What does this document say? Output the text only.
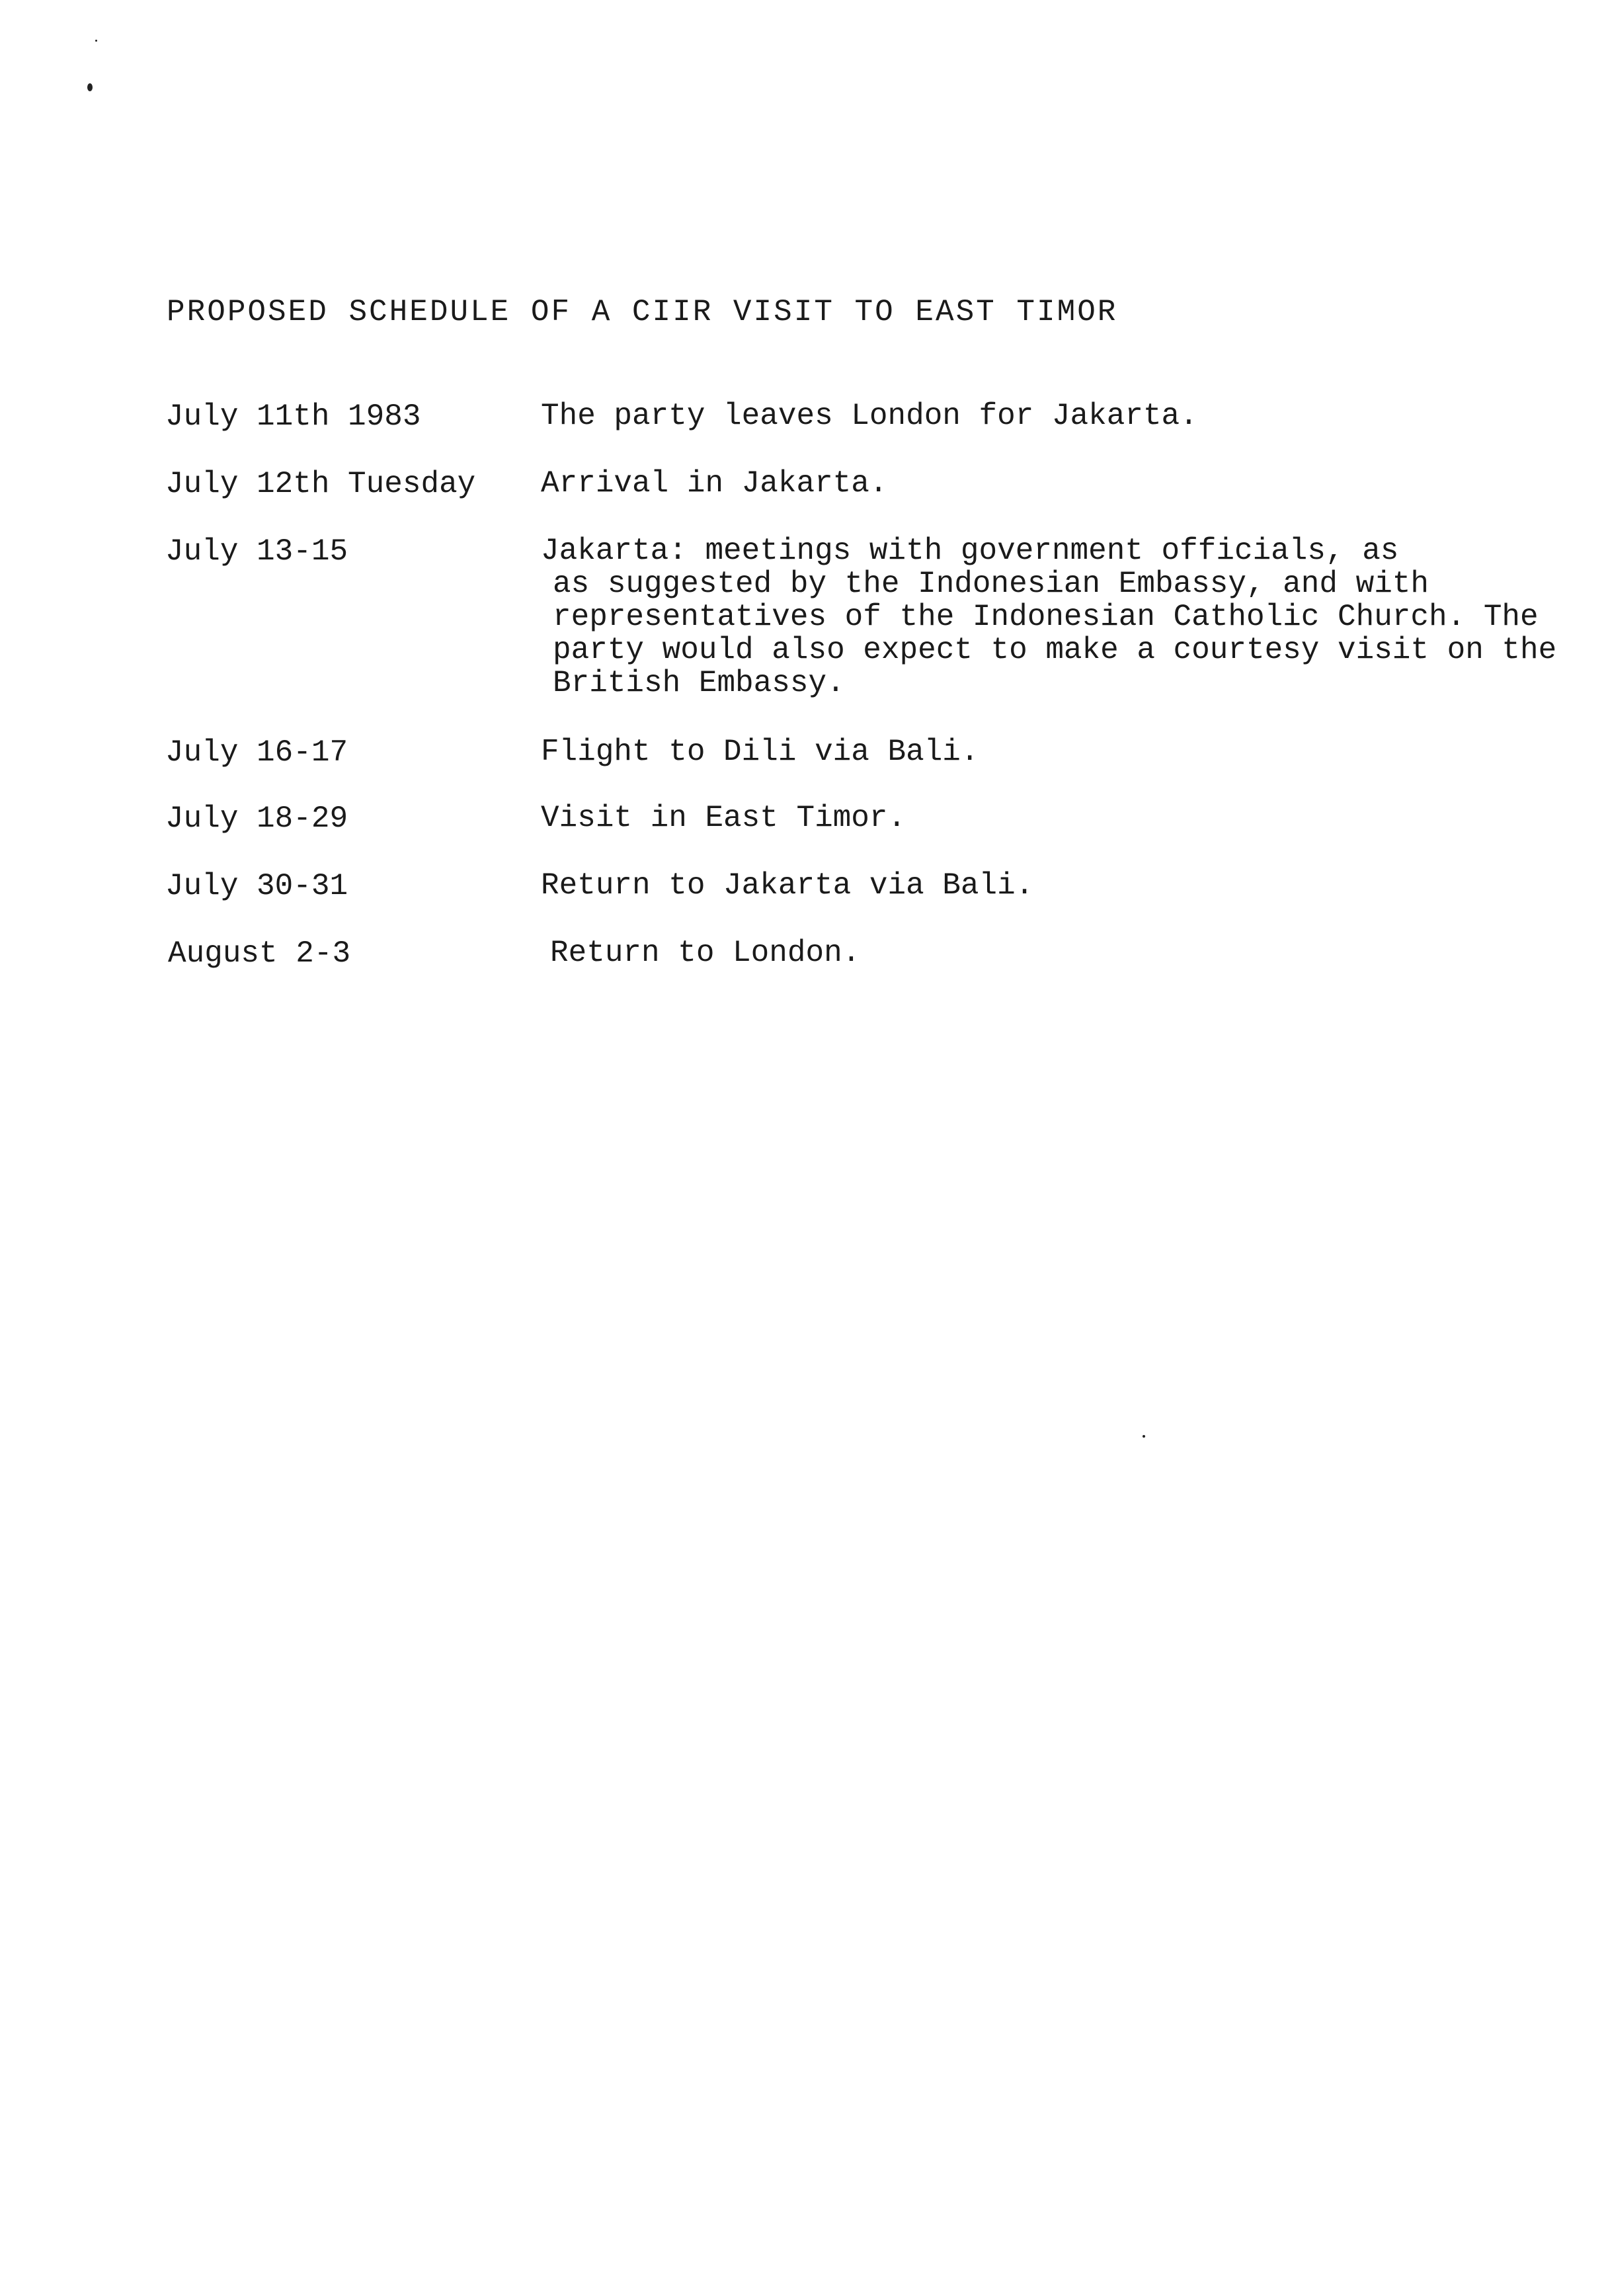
PROPOSED SCHEDULE OF A CIIR VISIT TO EAST TIMOR
July 11th 1983	The party leaves London for Jakarta.
July 12th Tuesday Arrival in Jakarta.
July 13-15	Jakarta: meetings with government officials, as
as suggested by the Indonesian Embassy, and with
representatives of the Indonesian Catholic Church. The
party would also expect to make a courtesy visit on the
British Embassy.
July 16-17	Flight to Dili via Bali.
July 18-29	Visit in East Timor.
July 30-31	Return to Jakarta via Bali.
August 2-3	Return to London.
